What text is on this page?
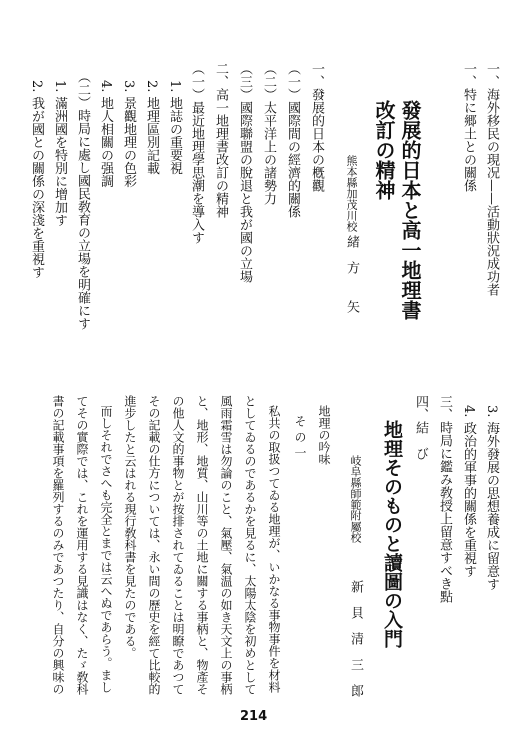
一、海外移民の現况——活動狀況成功者
一、特に郷土との關係
發展的日本と高一地理書
改訂の精神
熊本縣加茂川校
緒　方　　矢
一、發展的日本の槪觀
（一）國際間の經濟的關係
（二）太平洋上の諸勢力
（三）國際聯盟の脫退と我が國の立場
二、高一地理書改訂の精神
（一）最近地理學思潮を導入す
1. 地誌の重要視
2. 地理區別記載
3. 景觀地理の色彩
4. 地人相關の强調
（二）時局に處し國民敎育の立場を明確にす
1. 滿洲國を特別に增加す
2. 我が國との關係の深淺を重視す
3. 海外發展の思想養成に留意す
4. 政治的軍事的關係を重視す
三、時局に鑑み敎授上留意すべき點
四、結　び
地理そのものと讀圖の入門
岐阜縣師範附屬校
新　貝　清　三　郎
地理の吟味
そ の 一
私共の取扱つてゐる地理が、いかなる事物事件を材料
としてゐるのであるかを見るに、太陽太陰を初めとして
風雨霜雪は勿論のこと、氣壓、氣温の如き天文上の事柄
と、地形、地質、山川等の土地に關する事柄と、物產そ
の他人文的事物とが按排されてゐることは明瞭であつて
その記載の仕方については、永い間の歷史を經て比較的
進步したと云はれる現行敎科書を見たのである。
而しそれでさへも完全とまでは云へぬであらう。まし
てその實際では、これを運用する見識はなく、たゞ敎科
書の記載事項を羅列するのみであつたり、自分の興味の
214
